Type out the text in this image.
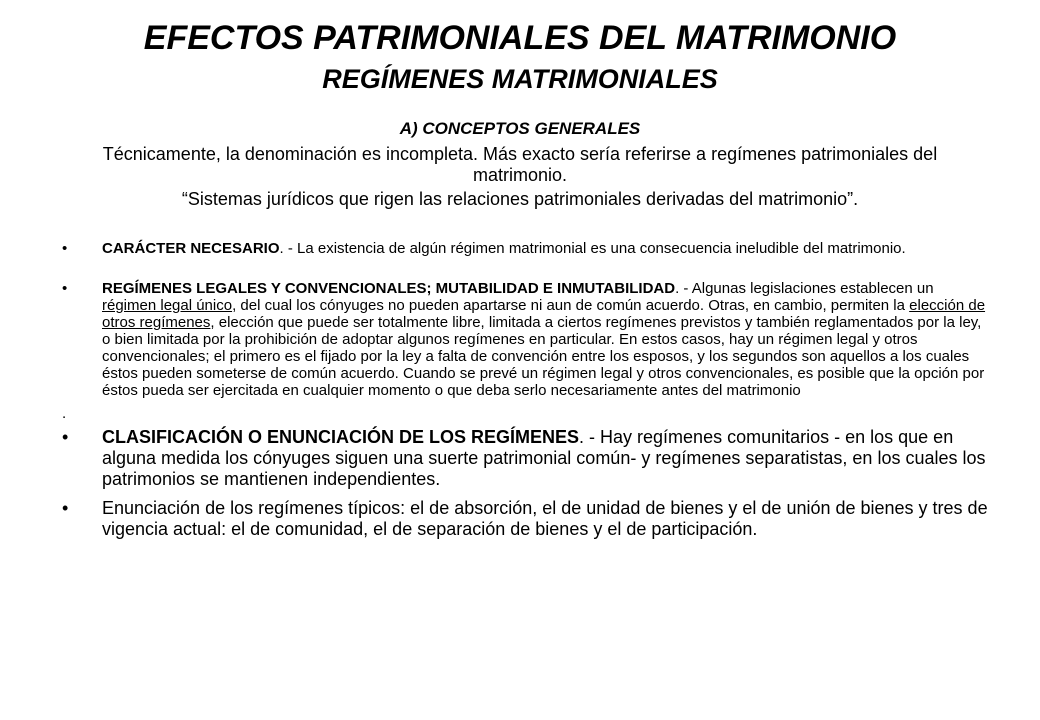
EFECTOS PATRIMONIALES DEL MATRIMONIO
REGÍMENES MATRIMONIALES

A) CONCEPTOS GENERALES

Técnicamente, la denominación es incompleta. Más exacto sería referirse a regímenes patrimoniales del matrimonio.

“Sistemas jurídicos que rigen las relaciones patrimoniales derivadas del matrimonio”.

• CARÁCTER NECESARIO. - La existencia de algún régimen matrimonial es una consecuencia ineludible del matrimonio.
• REGÍMENES LEGALES Y CONVENCIONALES; MUTABILIDAD E INMUTABILIDAD. - Algunas legislaciones establecen un régimen legal único, del cual los cónyuges no pueden apartarse ni aun de común acuerdo. Otras, en cambio, permiten la elección de otros regímenes, elección que puede ser totalmente libre, limitada a ciertos regímenes previstos y también reglamentados por la ley, o bien limitada por la prohibición de adoptar algunos regímenes en particular. En estos casos, hay un régimen legal y otros convencionales; el primero es el fijado por la ley a falta de convención entre los esposos, y los segundos son aquellos a los cuales éstos pueden someterse de común acuerdo. Cuando se prevé un régimen legal y otros convencionales, es posible que la opción por éstos pueda ser ejercitada en cualquier momento o que deba serlo necesariamente antes del matrimonio
.

• CLASIFICACIÓN O ENUNCIACIÓN DE LOS REGÍMENES. - Hay regímenes comunitarios - en los que en alguna medida los cónyuges siguen una suerte patrimonial común- y regímenes separatistas, en los cuales los patrimonios se mantienen independientes.
• Enunciación de los regímenes típicos: el de absorción, el de unidad de bienes y el de unión de bienes y tres de vigencia actual: el de comunidad, el de separación de bienes y el de participación.
